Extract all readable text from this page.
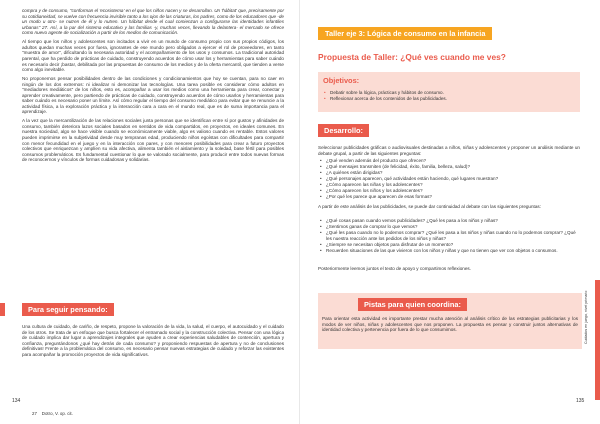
compra y de consumo, "conforman el 'ecosistema' en el que los niños nacen y se desarrollan. Un 'hábitat' que, precisamente por su cotidianeidad, se vuelve con frecuencia invisible tanto a los ojos de las criaturas, los padres, como de los educadores que -de un modo u otro- se nutren de él y lo nutren. Un hábitat desde el cual comienzan a configurarse las identidades infantiles urbanas" 27. Así, a la par del sistema educativo y las familias -y, muchas veces, llevando la delantera- el mercado se ofrece como nuevo agente de socialización a partir de los medios de comunicación.

Al tiempo que los niños y adolescentes son incitados a vivir en un mundo de consumo propio con sus propios códigos, los adultos quedan muchas veces por fuera, ignorantes de ese mundo pero obligados a ejercer el rol de proveedores, en tanto "muestra de amor", dificultando la necesaria autoridad y el acompañamiento de los usos y consumos. La tradicional autoridad parental, que ha perdido de prácticas de cuidado, construyendo acuerdos de cómo usar los y herramientas para saber cuándo es necesario decir ¡basta!, debilitada por las propuestas de consumo de los medios y de la oferta mercantil, que tienden a verse como algo inevitable.

No proponemos pensar posibilidades dentro de las condiciones y condicionamientos que hoy se cuentan, para no caer en ningún de los dos extremos: ni idealizar ni demonizar las tecnologías. Una tarea posible es considerar cómo adultos en "mediadores mediáticos" de los niños, esto es, acompañar a usar los medios como una herramienta para crear, conectar y aprender creativamente, pero partiendo de prácticas de cuidado, construyendo acuerdos de cómo usarlos y herramientas para saber cuándo es necesario poner un límite. Así cómo regular el tiempo del consumo mediático para evitar que se renuncie a la actividad física, a la exploración práctica y la interacción cara a cara en el mundo real, que es de suma importancia para el aprendizaje.

A la vez que la mercantilización de las relaciones sociales junta personas que se identifican entre sí por gustos y afinidades de consumo, también deteriora lazos sociales basados en sentidos de vida compartidos, en proyectos, en ideales comunes. En nuestra sociedad, algo se hace visible cuando se económicamente viable, algo es valioso cuando es rentable. Estos valores pueden imprimirse en la subjetividad desde muy tempranas edad, produciendo niños egoístas con dificultades para compartir con menor fecundidad en el juego y en la interacción con pares, y con menores posibilidades para crear a futuro proyectos colectivos que enriquezcan y amplíen su vida afectiva, alimenta también el aislamiento y la soledad, base fértil para posibles consumos problemáticos. Es fundamental cuestionar lo que se valorado socialmente, para producir entre todos nuevas formas de reconocernos y vínculos de formas cuidadosas y solidarias.

Para seguir pensando:

Una cultura de cuidado, de cariño, de respeto, propone la valoración de la vida, la salud, el cuerpo, el autocuidado y el cuidado de los otros. Se trata de un enfoque que busca fortalecer el entramado social y la construcción colectiva. Pensar con una lógica de cuidado implica dar lugar a aprendizajes integrales que ayuden a crear experiencias saludables de contención, apertura y confianza, preguntándonos ¿qué hay detrás de cada consumo? y proponiendo respuestas de apertura y no de conclusiones definitivas! Frente a la problemática del consumo, es necesario pensar nuevas estrategias de cuidado y reforzar las existentes para acompañar la promoción proyectos de vida significativos.

134
27 Dotro, V. op. cit.
Taller eje 3: Lógica de consumo en la infancia
Propuesta de Taller: ¿Qué ves cuando me ves?
Objetivos:
• Debatir sobre la lógica, prácticas y hábitos de consumo.
• Reflexionar acerca de los contenidos de las publicidades.
Desarrollo:
Seleccionar publicidades gráficas o audiovisuales destinadas a niños, niñas y adolescentes y proponer un análisis mediante un debate grupal, a partir de las siguientes preguntas:
• ¿Qué venden además del producto que ofrecen?
• ¿Qué mensajes transmiten (de felicidad, éxito, familia, belleza, salud)?
• ¿A quiénes están dirigidas?
• ¿Qué personajes aparecen, qué actividades están haciendo, qué lugares muestran?
• ¿Cómo aparecen las niñas y los adolescentes?
• ¿Cómo aparecen los niños y los adolescentes?
• ¿Por qué les parece que aparecen de esas formas?
A partir de este análisis de las publicidades, se puede dar continuidad al debate con las siguientes preguntas:
• ¿Qué cosas pasan cuando vemos publicidades? ¿Qué les pasa a los niños y niñas?
• ¿Sentimos ganas de comprar lo que vemos?
• ¿Qué les pasa cuando no lo podemos comprar? ¿Qué les pasa a los niños y niñas cuando no lo podemos comprar? ¿Qué les nuestra reacción ante los pedidos de los niños y niñas?
• ¿Siempre se necesitan objetos para disfrutar de un momento?
• Recuerden situaciones de las que vivieron con los niños y niñas y que no tienen que ver con objetos o consumos.
Posteriormente leemos juntos el texto de apoyo y compartimos reflexiones.
Pistas para quien coordina:
Para orientar esta actividad es importante prestar mucha atención al análisis crítico de las estrategias publicitarias y los modos de ver niños, niñas y adolescentes que nos proponen. La propuesta es pensar y construir juntos alternativas de identidad colectiva y pertenencia por fuera de lo que consumimos.	Cuidados en juego, nivel primario
135
